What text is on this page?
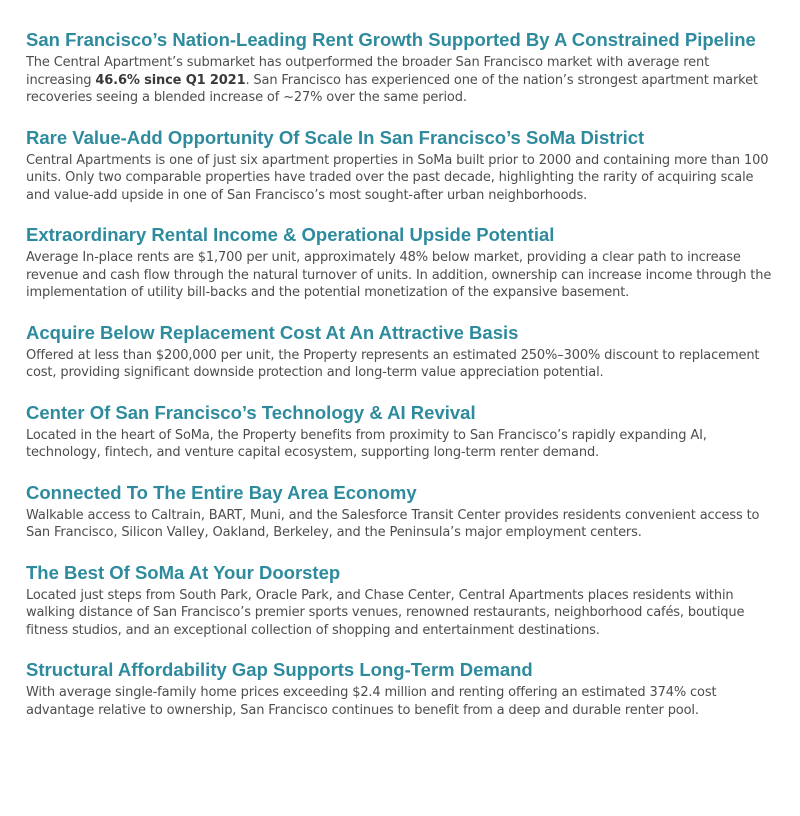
San Francisco’s Nation-Leading Rent Growth Supported By A Constrained Pipeline

The Central Apartment’s submarket has outperformed the broader San Francisco market with average rent increasing 46.6% since Q1 2021. San Francisco has experienced one of the nation’s strongest apartment market recoveries seeing a blended increase of ~27% over the same period.

Rare Value-Add Opportunity Of Scale In San Francisco’s SoMa District

Central Apartments is one of just six apartment properties in SoMa built prior to 2000 and containing more than 100 units. Only two comparable properties have traded over the past decade, highlighting the rarity of acquiring scale and value-add upside in one of San Francisco’s most sought-after urban neighborhoods.

Extraordinary Rental Income & Operational Upside Potential

Average In-place rents are $1,700 per unit, approximately 48% below market, providing a clear path to increase revenue and cash flow through the natural turnover of units. In addition, ownership can increase income through the implementation of utility bill-backs and the potential monetization of the expansive basement.

Acquire Below Replacement Cost At An Attractive Basis

Offered at less than $200,000 per unit, the Property represents an estimated 250%–300% discount to replacement cost, providing significant downside protection and long-term value appreciation potential.

Center Of San Francisco’s Technology & AI Revival

Located in the heart of SoMa, the Property benefits from proximity to San Francisco’s rapidly expanding AI, technology, fintech, and venture capital ecosystem, supporting long-term renter demand.

Connected To The Entire Bay Area Economy

Walkable access to Caltrain, BART, Muni, and the Salesforce Transit Center provides residents convenient access to San Francisco, Silicon Valley, Oakland, Berkeley, and the Peninsula’s major employment centers.

The Best Of SoMa At Your Doorstep

Located just steps from South Park, Oracle Park, and Chase Center, Central Apartments places residents within walking distance of San Francisco’s premier sports venues, renowned restaurants, neighborhood cafés, boutique fitness studios, and an exceptional collection of shopping and entertainment destinations.

Structural Affordability Gap Supports Long-Term Demand

With average single-family home prices exceeding $2.4 million and renting offering an estimated 374% cost advantage relative to ownership, San Francisco continues to benefit from a deep and durable renter pool.
